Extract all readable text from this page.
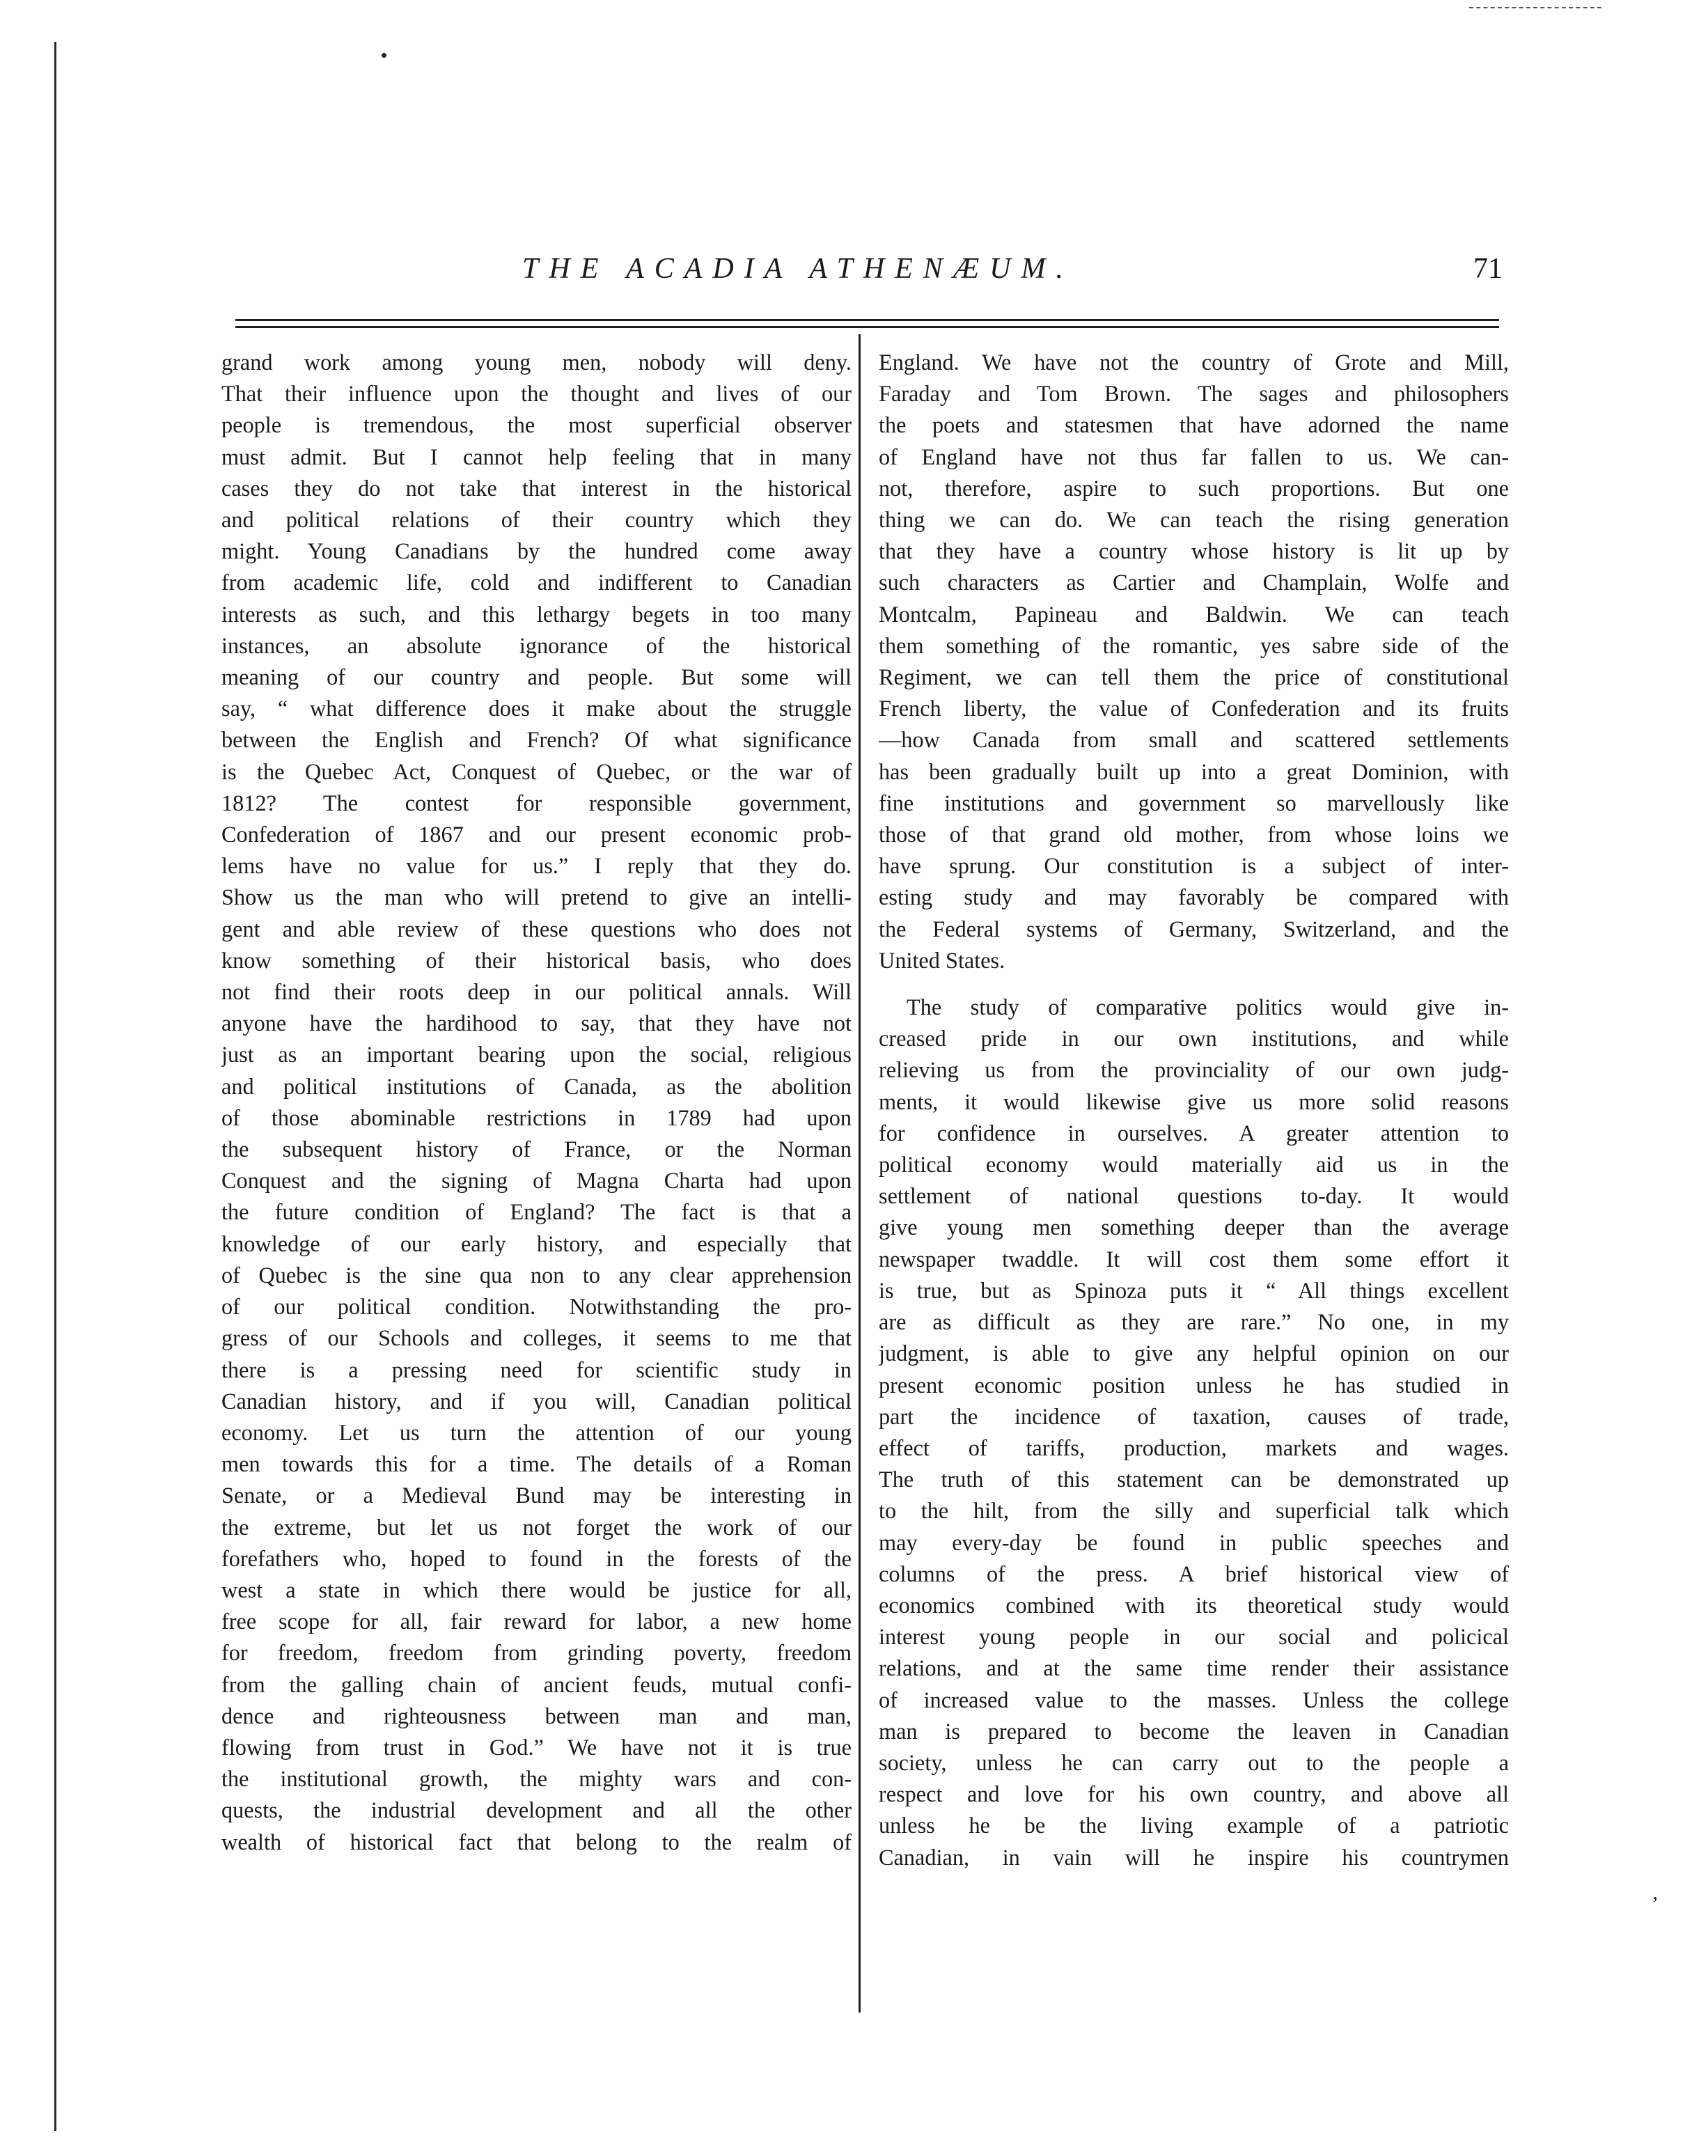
THE ACADIA ATHENÆUM.	71
grand work among young men, nobody will deny.
That their influence upon the thought and lives of our
people is tremendous, the most superficial observer
must admit. But I cannot help feeling that in many
cases they do not take that interest in the historical
and political relations of their country which they
might. Young Canadians by the hundred come away
from academic life, cold and indifferent to Canadian
interests as such, and this lethargy begets in too many
instances, an absolute ignorance of the historical
meaning of our country and people. But some will
say, “ what difference does it make about the struggle
between the English and French? Of what significance
is the Quebec Act, Conquest of Quebec, or the war of
1812? The contest for responsible government,
Confederation of 1867 and our present economic prob-
lems have no value for us.” I reply that they do.
Show us the man who will pretend to give an intelli-
gent and able review of these questions who does not
know something of their historical basis, who does
not find their roots deep in our political annals. Will
anyone have the hardihood to say, that they have not
just as an important bearing upon the social, religious
and political institutions of Canada, as the abolition
of those abominable restrictions in 1789 had upon
the subsequent history of France, or the Norman
Conquest and the signing of Magna Charta had upon
the future condition of England? The fact is that a
knowledge of our early history, and especially that
of Quebec is the sine qua non to any clear apprehension
of our political condition. Notwithstanding the pro-
gress of our Schools and colleges, it seems to me that
there is a pressing need for scientific study in
Canadian history, and if you will, Canadian political
economy. Let us turn the attention of our young
men towards this for a time. The details of a Roman
Senate, or a Medieval Bund may be interesting in
the extreme, but let us not forget the work of our
forefathers who, hoped to found in the forests of the
west a state in which there would be justice for all,
free scope for all, fair reward for labor, a new home
for freedom, freedom from grinding poverty, freedom
from the galling chain of ancient feuds, mutual confi-
dence and righteousness between man and man,
flowing from trust in God.” We have not it is true
the institutional growth, the mighty wars and con-
quests, the industrial development and all the other
wealth of historical fact that belong to the realm of
England. We have not the country of Grote and Mill,
Faraday and Tom Brown. The sages and philosophers
the poets and statesmen that have adorned the name
of England have not thus far fallen to us. We can-
not, therefore, aspire to such proportions. But one
thing we can do. We can teach the rising generation
that they have a country whose history is lit up by
such characters as Cartier and Champlain, Wolfe and
Montcalm, Papineau and Baldwin. We can teach
them something of the romantic, yes sabre side of the
Regiment, we can tell them the price of constitutional
French liberty, the value of Confederation and its fruits
—how Canada from small and scattered settlements
has been gradually built up into a great Dominion, with
fine institutions and government so marvellously like
those of that grand old mother, from whose loins we
have sprung. Our constitution is a subject of inter-
esting study and may favorably be compared with
the Federal systems of Germany, Switzerland, and the
United States.
The study of comparative politics would give in-
creased pride in our own institutions, and while
relieving us from the provinciality of our own judg-
ments, it would likewise give us more solid reasons
for confidence in ourselves. A greater attention to
political economy would materially aid us in the
settlement of national questions to-day. It would
give young men something deeper than the average
newspaper twaddle. It will cost them some effort it
is true, but as Spinoza puts it “ All things excellent
are as difficult as they are rare.” No one, in my
judgment, is able to give any helpful opinion on our
present economic position unless he has studied in
part the incidence of taxation, causes of trade,
effect of tariffs, production, markets and wages.
The truth of this statement can be demonstrated up
to the hilt, from the silly and superficial talk which
may every-day be found in public speeches and
columns of the press. A brief historical view of
economics combined with its theoretical study would
interest young people in our social and policical
relations, and at the same time render their assistance
of increased value to the masses. Unless the college
man is prepared to become the leaven in Canadian
society, unless he can carry out to the people a
respect and love for his own country, and above all
unless he be the living example of a patriotic
Canadian, in vain will he inspire his countrymen
ʼ
